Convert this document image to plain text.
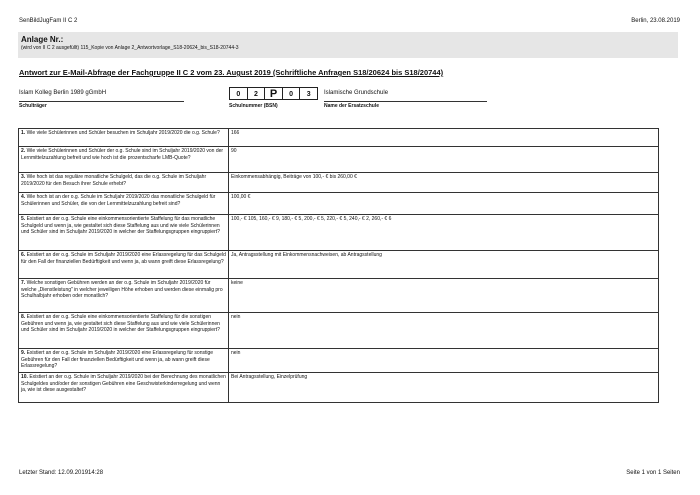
SenBildJugFam II C 2	Berlin, 23.08.2019
Anlage Nr.:
(wird von II C 2 ausgefüllt) 115_Kopie von Anlage 2_Antwortvorlage_S18-20624_bis_S18-20744-3
Antwort zur E-Mail-Abfrage der Fachgruppe II C 2 vom 23. August 2019 (Schriftliche Anfragen S18/20624 bis S18/20744)
Islam Kolleg Berlin 1989 gGmbH
Schulträger
0	2	P	0	3
Schulnummer (BSN)
Islamische Grundschule
Name der Ersatzschule
1. Wie viele Schülerinnen und Schüler besuchen im Schuljahr 2019/2020 die o.g. Schule?	166
2. Wie viele Schülerinnen und Schüler der o.g. Schule sind im Schuljahr 2019/2020 von der Lernmittelzuzahlung befreit und wie hoch ist die prozentscharfe LMB-Quote?	90
3. Wie hoch ist das reguläre monatliche Schulgeld, das die o.g. Schule im Schuljahr 2019/2020 für den Besuch ihrer Schule erhebt?	Einkommensabhängig, Beiträge von 100,- € bis 260,00 €
4. Wie hoch ist an der o.g. Schule im Schuljahr 2019/2020 das monatliche Schulgeld für Schülerinnen und Schüler, die von der Lernmittelzuzahlung befreit sind?	100,00 €
5. Existiert an der o.g. Schule eine einkommensorientierte Staffelung für das monatliche Schulgeld und wenn ja, wie gestaltet sich diese Staffelung aus und wie viele Schülerinnen und Schüler sind im Schuljahr 2019/2020 in welcher der Staffelungsgruppen eingruppiert?	100,- € 105, 160,- € 9, 180,- € 5, 200,- € 5, 220,- € 5, 240,- € 2, 260,- € 6
6. Existiert an der o.g. Schule im Schuljahr 2019/2020 eine Erlassregelung für das Schulgeld für den Fall der finanziellen Bedürftigkeit und wenn ja, ab wann greift diese Erlassregelung?	Ja, Antragsstellung mit Einkommensnachweisen, ab Antragsstellung
7. Welche sonstigen Gebühren werden an der o.g. Schule im Schuljahr 2019/2020 für welche „Dienstleistung" in welcher jeweiligen Höhe erhoben und werden diese einmalig pro Schulhalbjahr erhoben oder monatlich?	keine
8. Existiert an der o.g. Schule eine einkommensorientierte Staffelung für die sonstigen Gebühren und wenn ja, wie gestaltet sich diese Staffelung aus und wie viele Schülerinnen und Schüler sind im Schuljahr 2019/2020 in welcher der Staffelungsgruppen eingruppiert?	nein
9. Existiert an der o.g. Schule im Schuljahr 2019/2020 eine Erlassregelung für sonstige Gebühren für den Fall der finanziellen Bedürftigkeit und wenn ja, ab wann greift diese Erlassregelung?	nein
10. Existiert an der o.g. Schule im Schuljahr 2019/2020 bei der Berechnung des monatlichen Schulgeldes und/oder der sonstigen Gebühren eine Geschwisterkinderregelung und wenn ja, wie ist diese ausgestaltet?	Bei Antragsstellung, Einzelprüfung
Letzter Stand: 12.09.201914:28	Seite 1 von 1 Seiten
